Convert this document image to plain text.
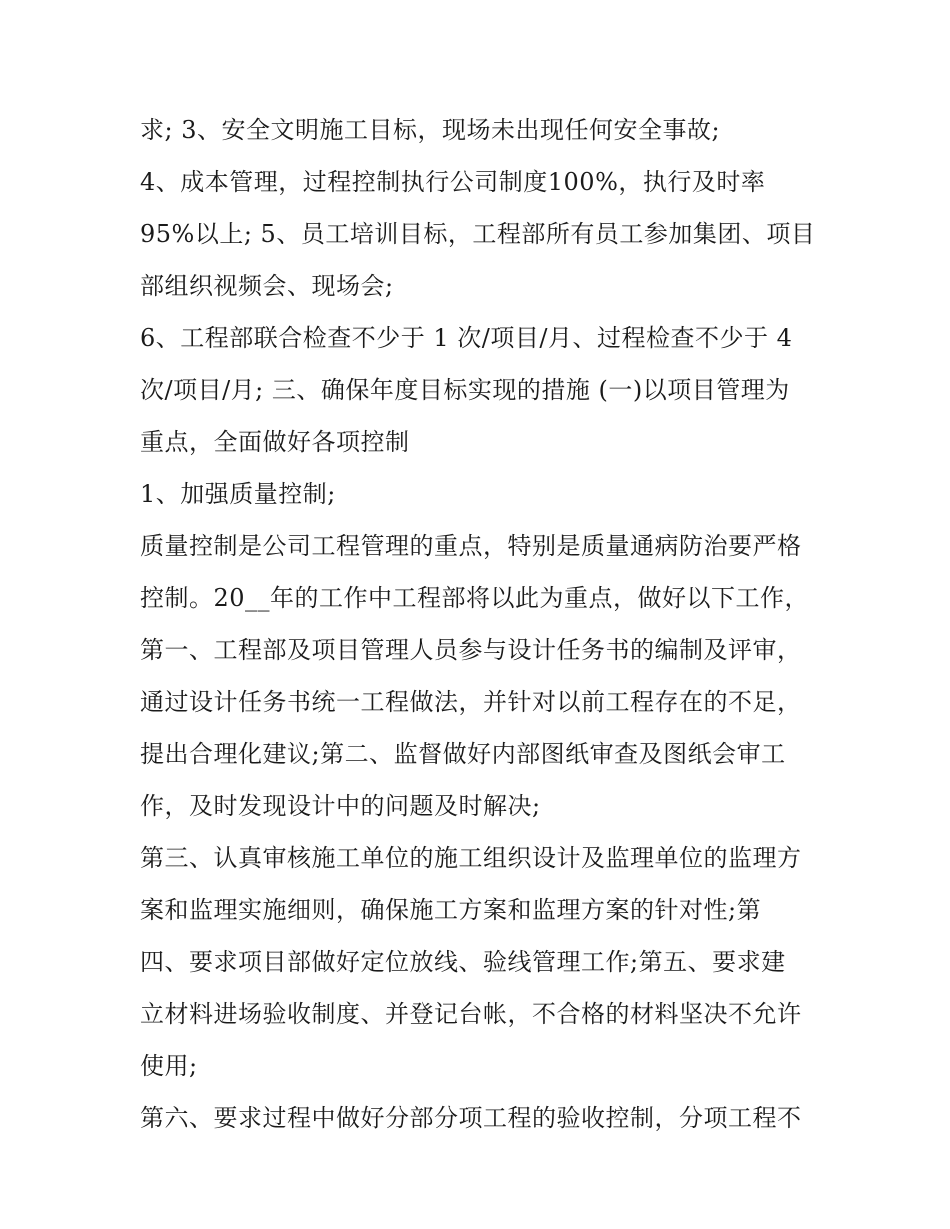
求; 3、安全文明施工目标，现场未出现任何安全事故;
4、成本管理，过程控制执行公司制度100%，执行及时率
95%以上; 5、员工培训目标，工程部所有员工参加集团、项目
部组织视频会、现场会;
6、工程部联合检查不少于 1 次/项目/月、过程检查不少于 4
次/项目/月; 三、确保年度目标实现的措施 (一)以项目管理为
重点，全面做好各项控制
1、加强质量控制;
质量控制是公司工程管理的重点，特别是质量通病防治要严格
控制。20__年的工作中工程部将以此为重点，做好以下工作，
第一、工程部及项目管理人员参与设计任务书的编制及评审，
通过设计任务书统一工程做法，并针对以前工程存在的不足，
提出合理化建议;第二、监督做好内部图纸审查及图纸会审工
作，及时发现设计中的问题及时解决;
第三、认真审核施工单位的施工组织设计及监理单位的监理方
案和监理实施细则，确保施工方案和监理方案的针对性;第
四、要求项目部做好定位放线、验线管理工作;第五、要求建
立材料进场验收制度、并登记台帐，不合格的材料坚决不允许
使用;
第六、要求过程中做好分部分项工程的验收控制，分项工程不
